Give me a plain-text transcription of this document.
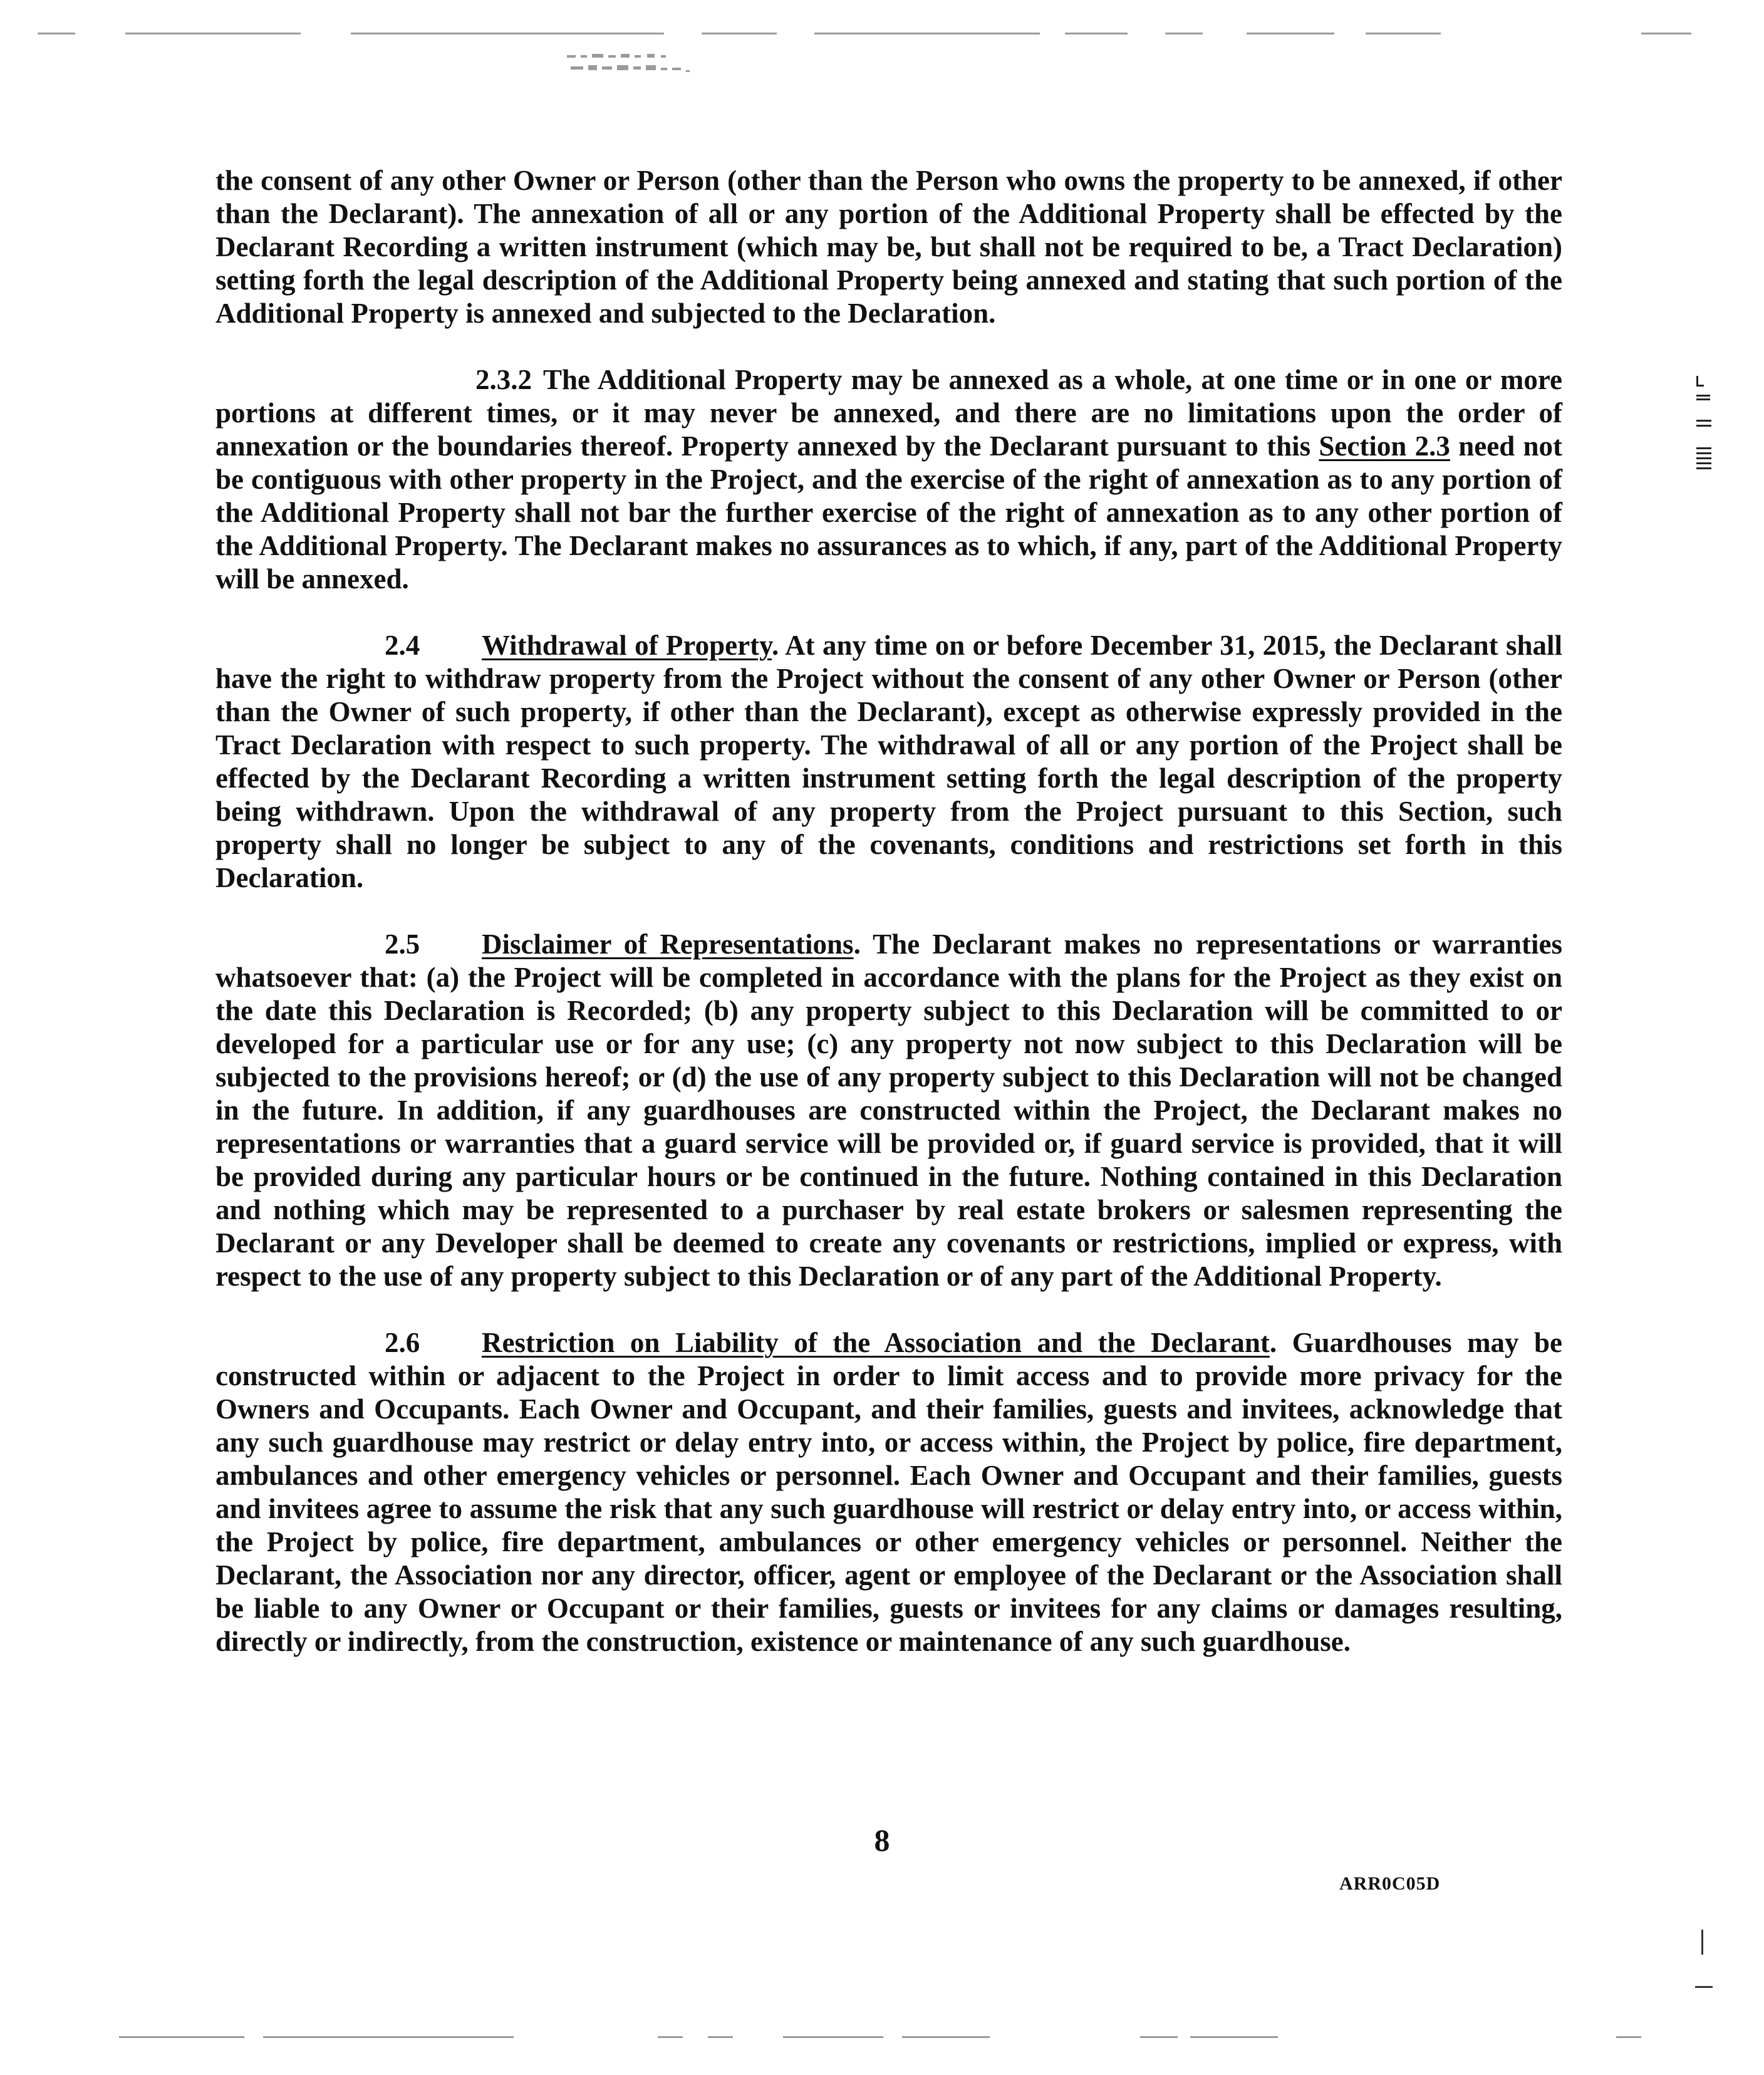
the consent of any other Owner or Person (other than the Person who owns the property to be annexed, if other than the Declarant). The annexation of all or any portion of the Additional Property shall be effected by the Declarant Recording a written instrument (which may be, but shall not be required to be, a Tract Declaration) setting forth the legal description of the Additional Property being annexed and stating that such portion of the Additional Property is annexed and subjected to the Declaration.

2.3.2 The Additional Property may be annexed as a whole, at one time or in one or more portions at different times, or it may never be annexed, and there are no limitations upon the order of annexation or the boundaries thereof. Property annexed by the Declarant pursuant to this Section 2.3 need not be contiguous with other property in the Project, and the exercise of the right of annexation as to any portion of the Additional Property shall not bar the further exercise of the right of annexation as to any other portion of the Additional Property. The Declarant makes no assurances as to which, if any, part of the Additional Property will be annexed.

2.4 Withdrawal of Property. At any time on or before December 31, 2015, the Declarant shall have the right to withdraw property from the Project without the consent of any other Owner or Person (other than the Owner of such property, if other than the Declarant), except as otherwise expressly provided in the Tract Declaration with respect to such property. The withdrawal of all or any portion of the Project shall be effected by the Declarant Recording a written instrument setting forth the legal description of the property being withdrawn. Upon the withdrawal of any property from the Project pursuant to this Section, such property shall no longer be subject to any of the covenants, conditions and restrictions set forth in this Declaration.

2.5 Disclaimer of Representations. The Declarant makes no representations or warranties whatsoever that: (a) the Project will be completed in accordance with the plans for the Project as they exist on the date this Declaration is Recorded; (b) any property subject to this Declaration will be committed to or developed for a particular use or for any use; (c) any property not now subject to this Declaration will be subjected to the provisions hereof; or (d) the use of any property subject to this Declaration will not be changed in the future. In addition, if any guardhouses are constructed within the Project, the Declarant makes no representations or warranties that a guard service will be provided or, if guard service is provided, that it will be provided during any particular hours or be continued in the future. Nothing contained in this Declaration and nothing which may be represented to a purchaser by real estate brokers or salesmen representing the Declarant or any Developer shall be deemed to create any covenants or restrictions, implied or express, with respect to the use of any property subject to this Declaration or of any part of the Additional Property.

2.6 Restriction on Liability of the Association and the Declarant. Guardhouses may be constructed within or adjacent to the Project in order to limit access and to provide more privacy for the Owners and Occupants. Each Owner and Occupant, and their families, guests and invitees, acknowledge that any such guardhouse may restrict or delay entry into, or access within, the Project by police, fire department, ambulances and other emergency vehicles or personnel. Each Owner and Occupant and their families, guests and invitees agree to assume the risk that any such guardhouse will restrict or delay entry into, or access within, the Project by police, fire department, ambulances or other emergency vehicles or personnel. Neither the Declarant, the Association nor any director, officer, agent or employee of the Declarant or the Association shall be liable to any Owner or Occupant or their families, guests or invitees for any claims or damages resulting, directly or indirectly, from the construction, existence or maintenance of any such guardhouse.

8
ARR0C05D
